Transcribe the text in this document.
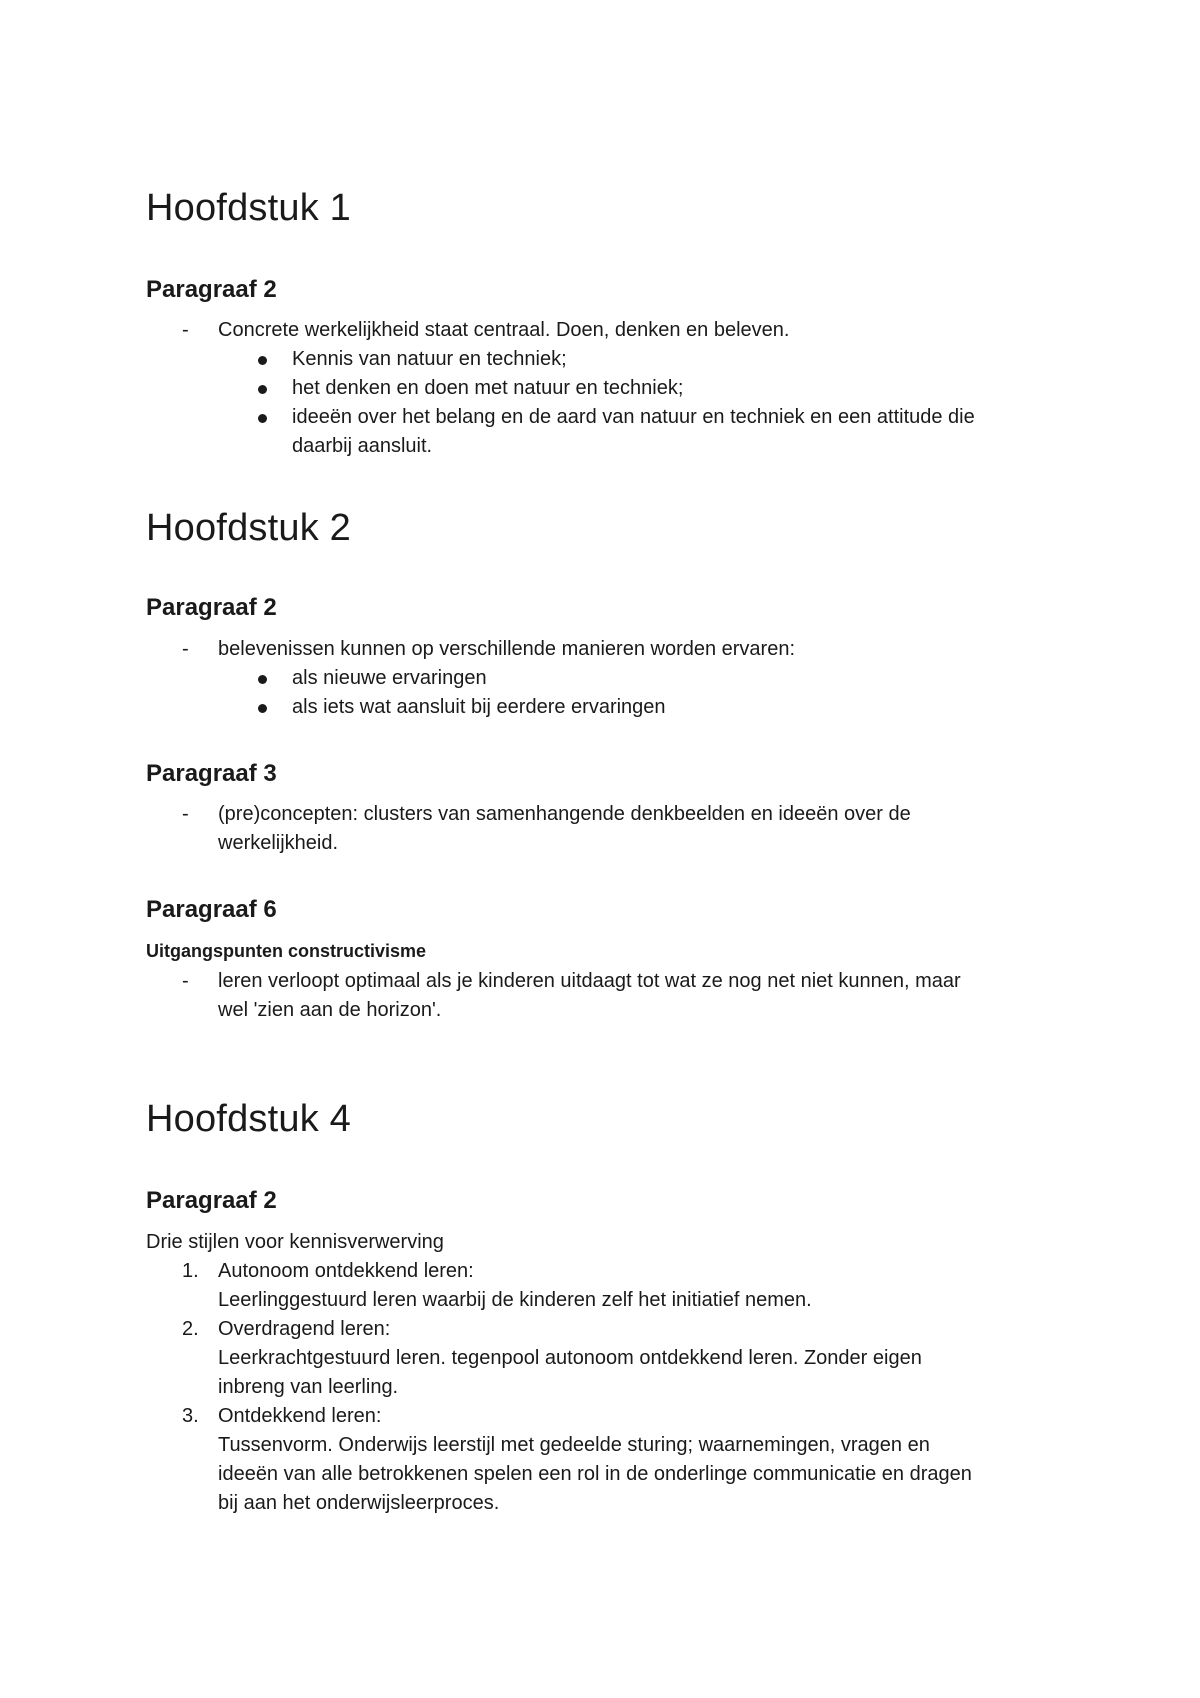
Hoofdstuk 1
Paragraaf 2
- Concrete werkelijkheid staat centraal. Doen, denken en beleven.
Kennis van natuur en techniek;
het denken en doen met natuur en techniek;
ideeën over het belang en de aard van natuur en techniek en een attitude die
daarbij aansluit.
Hoofdstuk 2
Paragraaf 2
- belevenissen kunnen op verschillende manieren worden ervaren:
als nieuwe ervaringen
als iets wat aansluit bij eerdere ervaringen
Paragraaf 3
- (pre)concepten: clusters van samenhangende denkbeelden en ideeën over de
werkelijkheid.
Paragraaf 6
Uitgangspunten constructivisme
- leren verloopt optimaal als je kinderen uitdaagt tot wat ze nog net niet kunnen, maar
wel 'zien aan de horizon'.
Hoofdstuk 4
Paragraaf 2
Drie stijlen voor kennisverwerving
1. Autonoom ontdekkend leren:
Leerlinggestuurd leren waarbij de kinderen zelf het initiatief nemen.
2. Overdragend leren:
Leerkrachtgestuurd leren. tegenpool autonoom ontdekkend leren. Zonder eigen
inbreng van leerling.
3. Ontdekkend leren:
Tussenvorm. Onderwijs leerstijl met gedeelde sturing; waarnemingen, vragen en
ideeën van alle betrokkenen spelen een rol in de onderlinge communicatie en dragen
bij aan het onderwijsleerproces.
